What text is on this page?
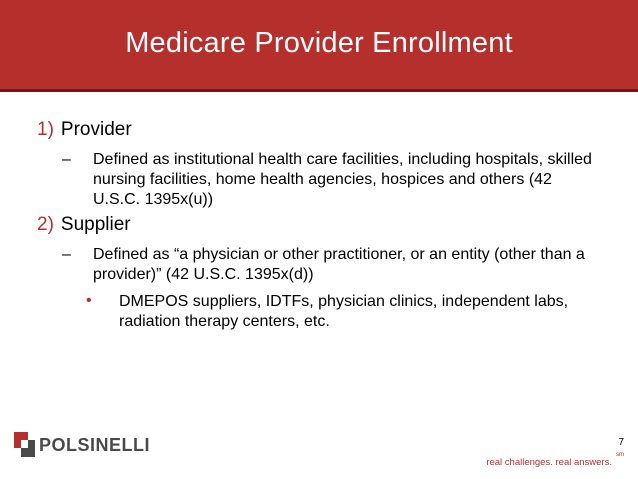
Medicare Provider Enrollment
1) Provider
– Defined as institutional health care facilities, including hospitals, skilled nursing facilities, home health agencies, hospices and others (42 U.S.C. 1395x(u))
2) Supplier
– Defined as “a physician or other practitioner, or an entity (other than a provider)” (42 U.S.C. 1395x(d))
• DMEPOS suppliers, IDTFs, physician clinics, independent labs, radiation therapy centers, etc.
POLSINELLI	7
real challenges. real answers.
sm
